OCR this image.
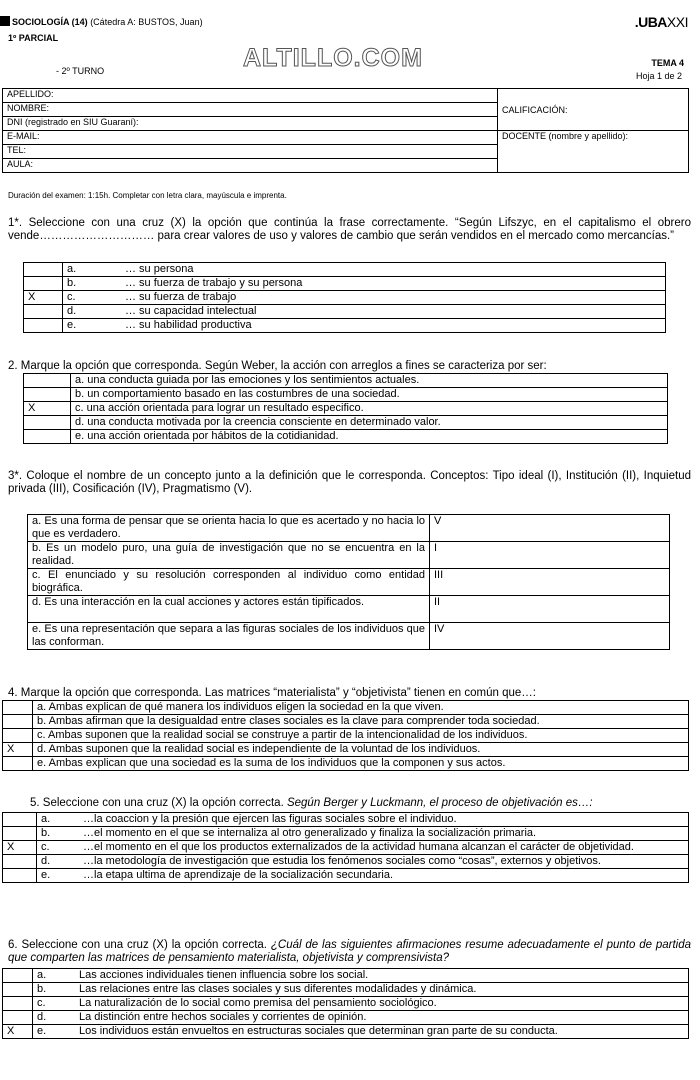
SOCIOLOGÍA (14) (Cátedra A: BUSTOS, Juan)
1º PARCIAL
.UBAXXI
ALTILLO.COM
- 2º TURNO
TEMA 4
Hoja 1 de 2
APELLIDO:	CALIFICACIÓN:
NOMBRE:	
DNI (registrado en SIU Guaraní):	
E-MAIL:	DOCENTE (nombre y apellido):
TEL:	
AULA:	
Duración del examen: 1:15h. Completar con letra clara, mayúscula e imprenta.
1*. Seleccione con una cruz (X) la opción que continúa la frase correctamente. “Según Lifszyc, en el capitalismo el obrero vende………………………… para crear valores de uso y valores de cambio que serán vendidos en el mercado como mercancías.”
	a. … su persona
	b. … su fuerza de trabajo y su persona
X	c. … su fuerza de trabajo
	d. … su capacidad intelectual
	e. … su habilidad productiva
2. Marque la opción que corresponda. Según Weber, la acción con arreglos a fines se caracteriza por ser:
	a. una conducta guiada por las emociones y los sentimientos actuales.
	b. un comportamiento basado en las costumbres de una sociedad.
X	c. una acción orientada para lograr un resultado especifico.
	d. una conducta motivada por la creencia consciente en determinado valor.
	e. una acción orientada por hábitos de la cotidianidad.
3*. Coloque el nombre de un concepto junto a la definición que le corresponda. Conceptos: Tipo ideal (I), Institución (II), Inquietud privada (III), Cosificación (IV), Pragmatismo (V).
a. Es una forma de pensar que se orienta hacia lo que es acertado y no hacia lo que es verdadero.	V
b. Es un modelo puro, una guía de investigación que no se encuentra en la realidad.	I
c. El enunciado y su resolución corresponden al individuo como entidad biográfica.	III
d. Es una interacción en la cual acciones y actores están tipificados.	II
e. Es una representación que separa a las figuras sociales de los individuos que las conforman.	IV
4. Marque la opción que corresponda. Las matrices “materialista” y “objetivista” tienen en común que…:
	a. Ambas explican de qué manera los individuos eligen la sociedad en la que viven.
	b. Ambas afirman que la desigualdad entre clases sociales es la clave para comprender toda sociedad.
	c. Ambas suponen que la realidad social se construye a partir de la intencionalidad de los individuos.
X	d. Ambas suponen que la realidad social es independiente de la voluntad de los individuos.
	e. Ambas explican que una sociedad es la suma de los individuos que la componen y sus actos.
5. Seleccione con una cruz (X) la opción correcta. Según Berger y Luckmann, el proceso de objetivación es…:
	a. …la coaccion y la presión que ejercen las figuras sociales sobre el individuo.
	b. …el momento en el que se internaliza al otro generalizado y finaliza la socialización primaria.
X	c. …el momento en el que los productos externalizados de la actividad humana alcanzan el carácter de objetividad.
	d. …la metodología de investigación que estudia los fenómenos sociales como “cosas”, externos y objetivos.
	e. …la etapa ultima de aprendizaje de la socialización secundaria.
6. Seleccione con una cruz (X) la opción correcta. ¿Cuál de las siguientes afirmaciones resume adecuadamente el punto de partida que comparten las matrices de pensamiento materialista, objetivista y comprensivista?
	a. Las acciones individuales tienen influencia sobre los social.
	b. Las relaciones entre las clases sociales y sus diferentes modalidades y dinámica.
	c. La naturalización de lo social como premisa del pensamiento sociológico.
	d. La distinción entre hechos sociales y corrientes de opinión.
X	e. Los individuos están envueltos en estructuras sociales que determinan gran parte de su conducta.
